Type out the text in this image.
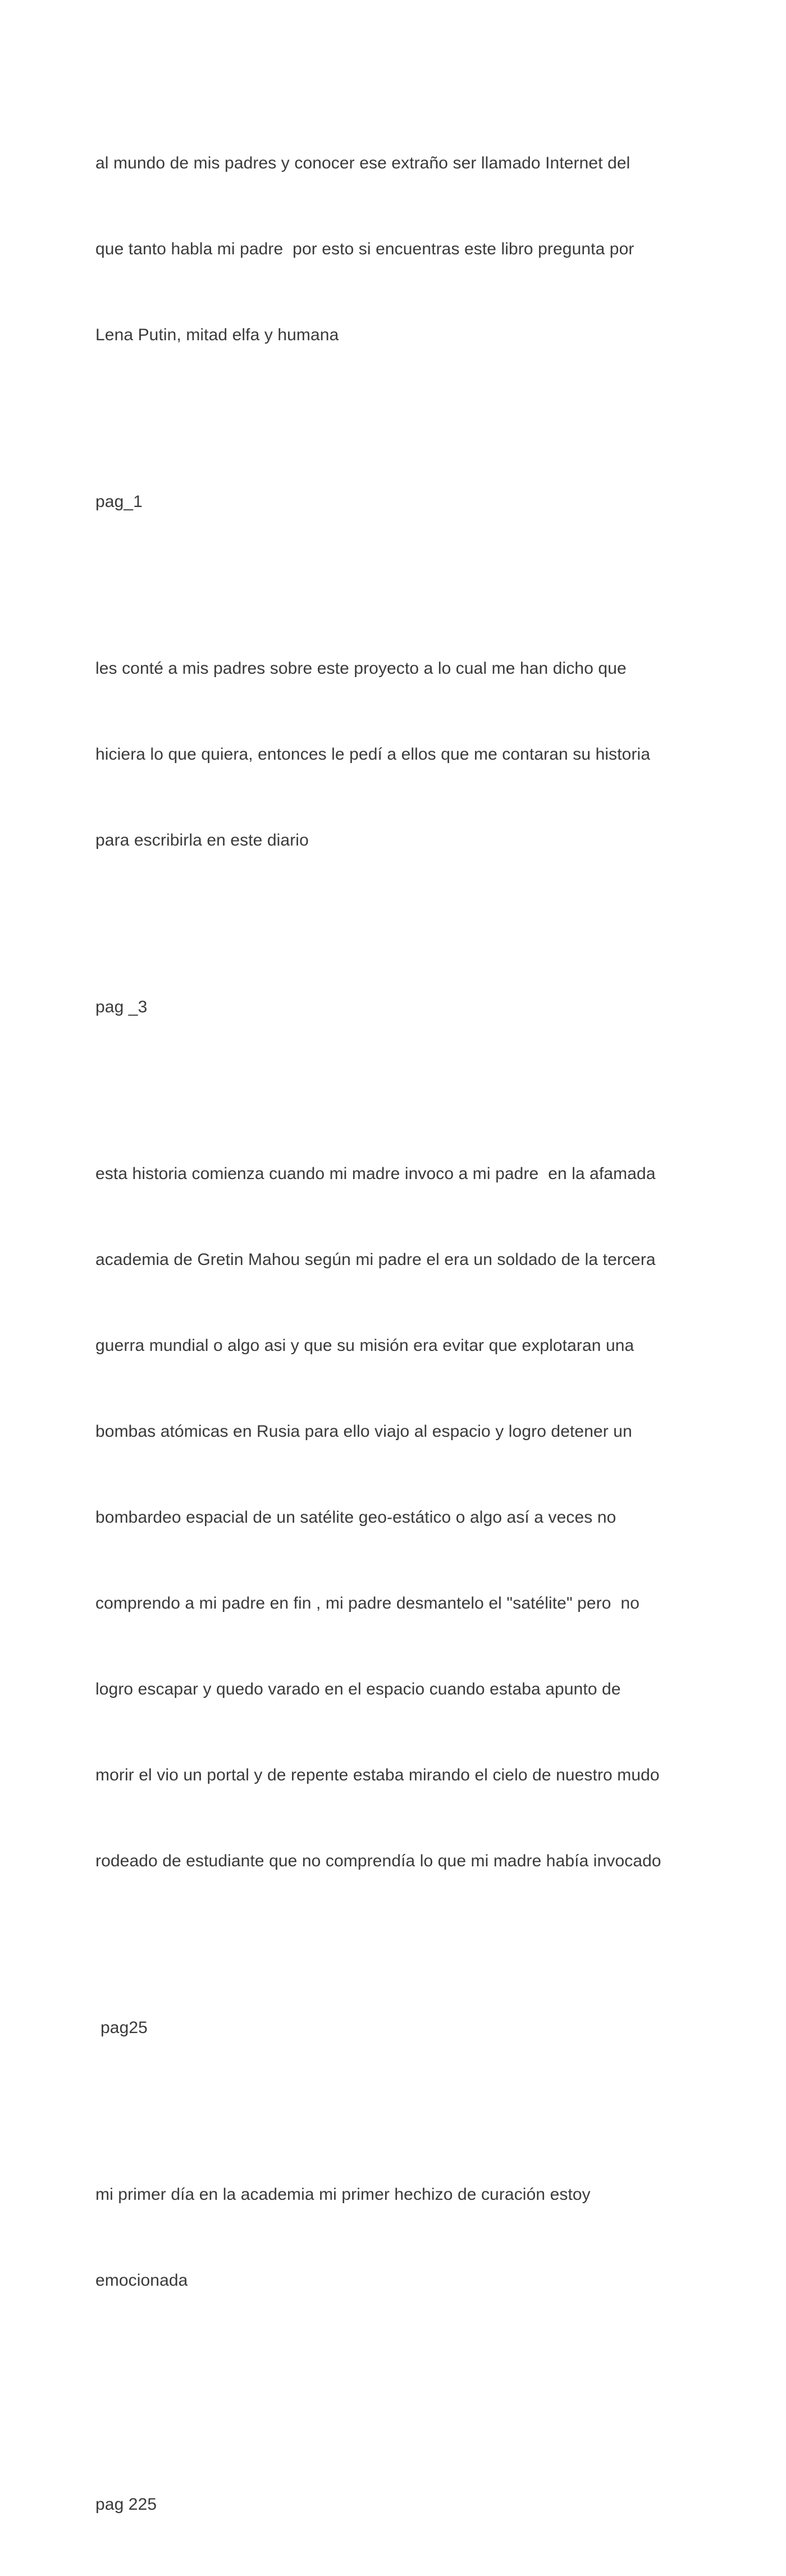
al mundo de mis padres y conocer ese extraño ser llamado Internet del

que tanto habla mi padre  por esto si encuentras este libro pregunta por

Lena Putin, mitad elfa y humana

pag_1

les conté a mis padres sobre este proyecto a lo cual me han dicho que

hiciera lo que quiera, entonces le pedí a ellos que me contaran su historia

para escribirla en este diario

pag _3

esta historia comienza cuando mi madre invoco a mi padre  en la afamada

academia de Gretin Mahou según mi padre el era un soldado de la tercera

guerra mundial o algo asi y que su misión era evitar que explotaran una

bombas atómicas en Rusia para ello viajo al espacio y logro detener un

bombardeo espacial de un satélite geo-estático o algo así a veces no

comprendo a mi padre en fin , mi padre desmantelo el "satélite" pero  no

logro escapar y quedo varado en el espacio cuando estaba apunto de

morir el vio un portal y de repente estaba mirando el cielo de nuestro mudo

rodeado de estudiante que no comprendía lo que mi madre había invocado

pag25

mi primer día en la academia mi primer hechizo de curación estoy

emocionada

pag 225
